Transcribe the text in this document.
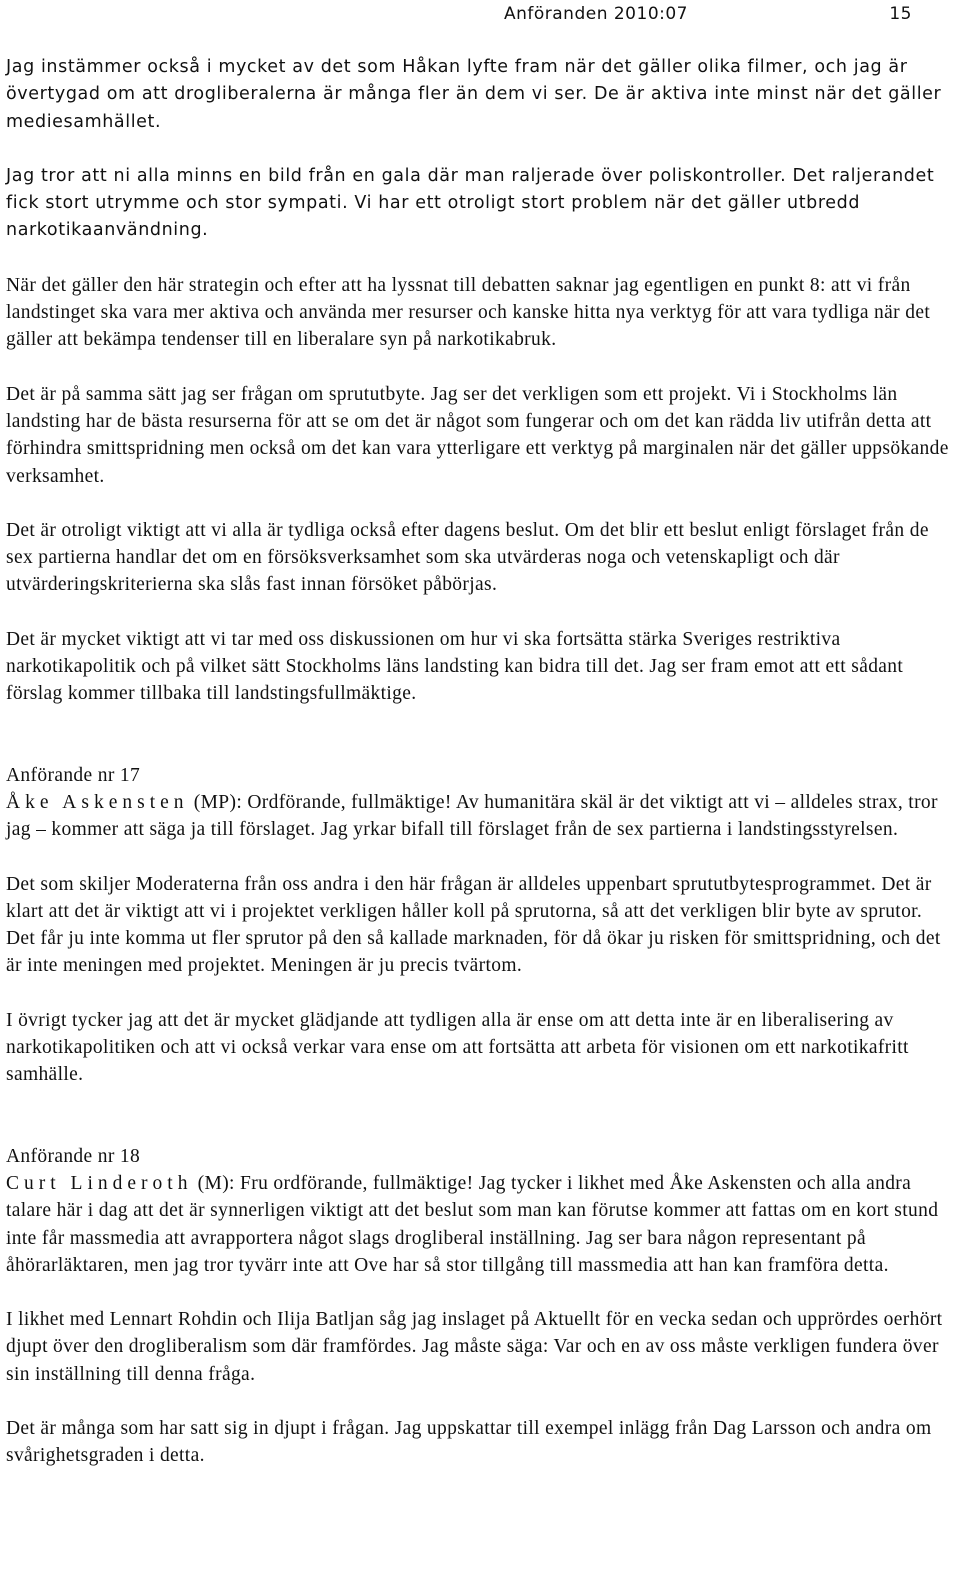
Anföranden 2010:07	15

Jag instämmer också i mycket av det som Håkan lyfte fram när det gäller olika filmer, och jag är övertygad om att drogliberalerna är många fler än dem vi ser. De är aktiva inte minst när det gäller mediesamhället.

Jag tror att ni alla minns en bild från en gala där man raljerade över poliskontroller. Det raljerandet fick stort utrymme och stor sympati. Vi har ett otroligt stort problem när det gäller utbredd narkotikaanvändning.

När det gäller den här strategin och efter att ha lyssnat till debatten saknar jag egentligen en punkt 8: att vi från landstinget ska vara mer aktiva och använda mer resurser och kanske hitta nya verktyg för att vara tydliga när det gäller att bekämpa tendenser till en liberalare syn på narkotikabruk.

Det är på samma sätt jag ser frågan om sprututbyte. Jag ser det verkligen som ett projekt. Vi i Stockholms län landsting har de bästa resurserna för att se om det är något som fungerar och om det kan rädda liv utifrån detta att förhindra smittspridning men också om det kan vara ytterligare ett verktyg på marginalen när det gäller uppsökande verksamhet.

Det är otroligt viktigt att vi alla är tydliga också efter dagens beslut. Om det blir ett beslut enligt förslaget från de sex partierna handlar det om en försöksverksamhet som ska utvärderas noga och vetenskapligt och där utvärderingskriterierna ska slås fast innan försöket påbörjas.

Det är mycket viktigt att vi tar med oss diskussionen om hur vi ska fortsätta stärka Sveriges restriktiva narkotikapolitik och på vilket sätt Stockholms läns landsting kan bidra till det. Jag ser fram emot att ett sådant förslag kommer tillbaka till landstingsfullmäktige.

Anförande nr 17

Åke Askensten (MP): Ordförande, fullmäktige! Av humanitära skäl är det viktigt att vi – alldeles strax, tror jag – kommer att säga ja till förslaget. Jag yrkar bifall till förslaget från de sex partierna i landstingsstyrelsen.

Det som skiljer Moderaterna från oss andra i den här frågan är alldeles uppenbart sprututbytesprogrammet. Det är klart att det är viktigt att vi i projektet verkligen håller koll på sprutorna, så att det verkligen blir byte av sprutor. Det får ju inte komma ut fler sprutor på den så kallade marknaden, för då ökar ju risken för smittspridning, och det är inte meningen med projektet. Meningen är ju precis tvärtom.

I övrigt tycker jag att det är mycket glädjande att tydligen alla är ense om att detta inte är en liberalisering av narkotikapolitiken och att vi också verkar vara ense om att fortsätta att arbeta för visionen om ett narkotikafritt samhälle.

Anförande nr 18

Curt Linderoth (M): Fru ordförande, fullmäktige! Jag tycker i likhet med Åke Askensten och alla andra talare här i dag att det är synnerligen viktigt att det beslut som man kan förutse kommer att fattas om en kort stund inte får massmedia att avrapportera något slags drogliberal inställning. Jag ser bara någon representant på åhörarläktaren, men jag tror tyvärr inte att Ove har så stor tillgång till massmedia att han kan framföra detta.

I likhet med Lennart Rohdin och Ilija Batljan såg jag inslaget på Aktuellt för en vecka sedan och upprördes oerhört djupt över den drogliberalism som där framfördes. Jag måste säga: Var och en av oss måste verkligen fundera över sin inställning till denna fråga.

Det är många som har satt sig in djupt i frågan. Jag uppskattar till exempel inlägg från Dag Larsson och andra om svårighetsgraden i detta.
